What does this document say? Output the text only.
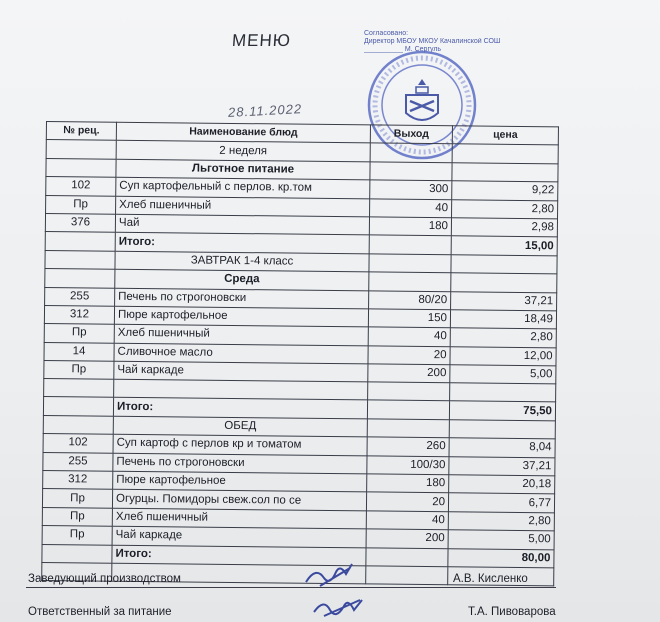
МЕНЮ	Согласовано:
Директор МБОУ МКОУ Качалинской СОШ
__________ М. Сергуль
28.11.2022
№ рец.	Наименование блюд	Выход	цена
	2 неделя		
	Льготное питание		
102	Суп картофельный с перлов. кр.том	300	9,22
Пр	Хлеб пшеничный	40	2,80
376	Чай	180	2,98
	Итого:		15,00
	ЗАВТРАК 1-4 класс		
	Среда		
255	Печень по строгоновски	80/20	37,21
312	Пюре картофельное	150	18,49
Пр	Хлеб пшеничный	40	2,80
14	Сливочное масло	20	12,00
Пр	Чай каркаде	200	5,00

	Итого:		75,50
	ОБЕД		
102	Суп картоф с перлов кр и томатом	260	8,04
255	Печень по строгоновски	100/30	37,21
312	Пюре картофельное	180	20,18
Пр	Огурцы. Помидоры свеж.сол по се	20	6,77
Пр	Хлеб пшеничный	40	2,80
Пр	Чай каркаде	200	5,00
	Итого:		80,00

Заведующий производством	А.В. Кисленко
Ответственный за питание	Т.А. Пивоварова
